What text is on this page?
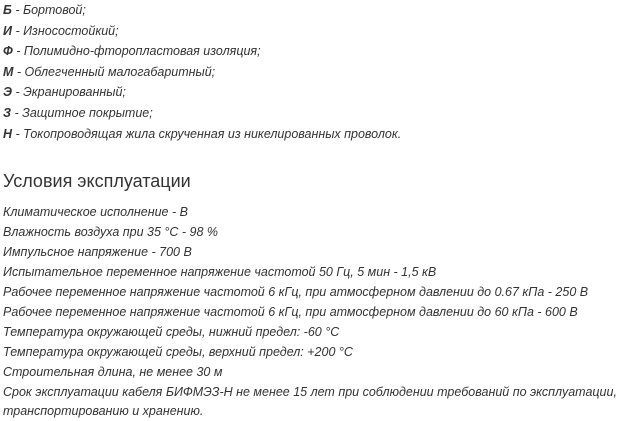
Б - Бортовой;
И - Износостойкий;
Ф - Полимидно-фторопластовая изоляция;
М - Облегченный малогабаритный;
Э - Экранированный;
З - Защитное покрытие;
Н - Токопроводящая жила скрученная из никелированных проволок.
Условия эксплуатации
Климатическое исполнение - В
Влажность воздуха при 35 °С - 98 %
Импульсное напряжение - 700 В
Испытательное переменное напряжение частотой 50 Гц, 5 мин - 1,5 кВ
Рабочее переменное напряжение частотой 6 кГц, при атмосферном давлении до 0.67 кПа - 250 В
Рабочее переменное напряжение частотой 6 кГц, при атмосферном давлении до 60 кПа - 600 В
Температура окружающей среды, нижний предел: -60 °С
Температура окружающей среды, верхний предел: +200 °С
Строительная длина, не менее 30 м
Срок эксплуатации кабеля БИФМЭЗ-Н не менее 15 лет при соблюдении требований по эксплуатации, транспортированию и хранению.
